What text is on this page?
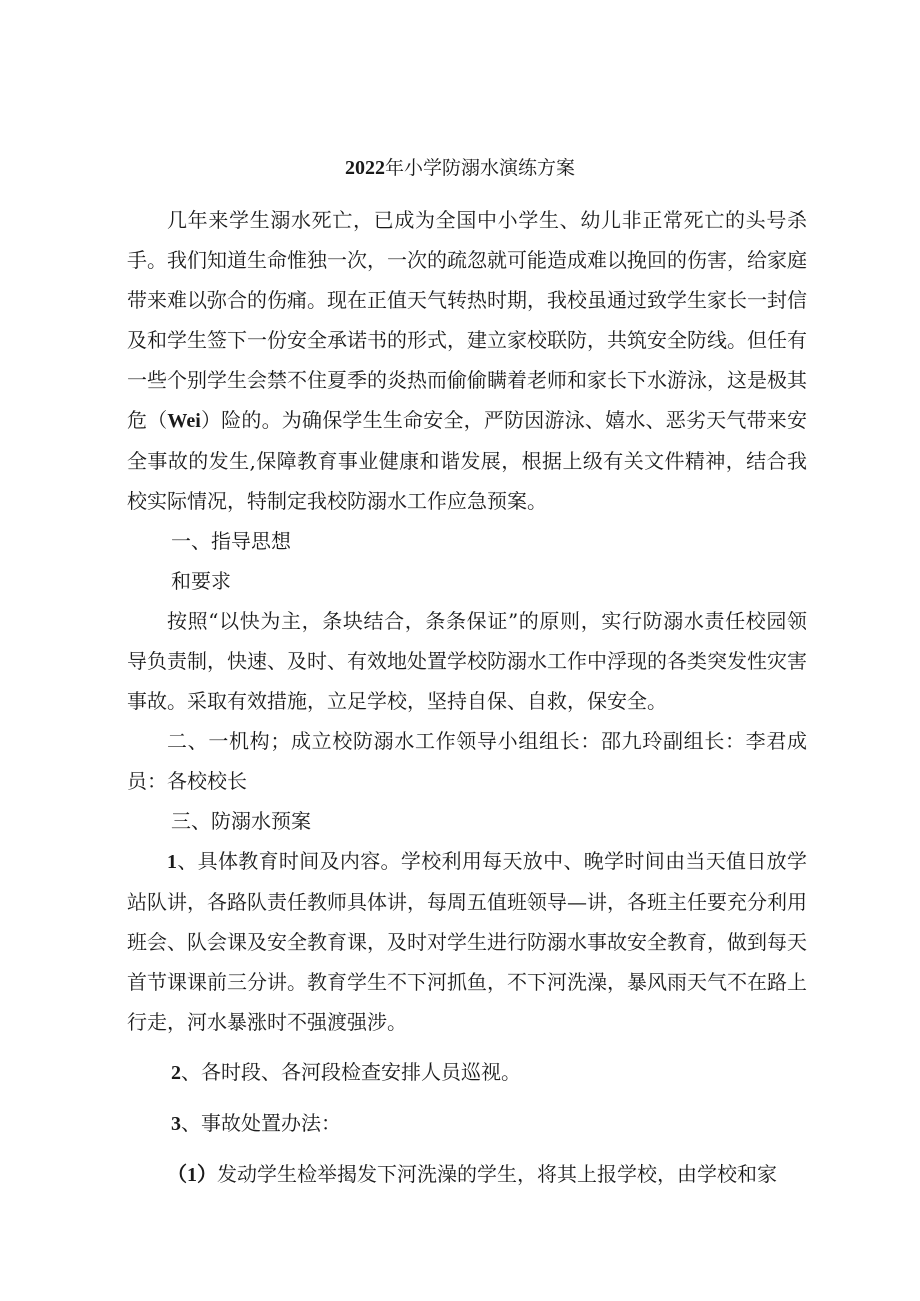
2022年小学防溺水演练方案

几年来学生溺水死亡，已成为全国中小学生、幼儿非正常死亡的头号杀手。我们知道生命惟独一次，一次的疏忽就可能造成难以挽回的伤害，给家庭带来难以弥合的伤痛。现在正值天气转热时期，我校虽通过致学生家长一封信及和学生签下一份安全承诺书的形式，建立家校联防，共筑安全防线。但任有一些个别学生会禁不住夏季的炎热而偷偷瞒着老师和家长下水游泳，这是极其危（Wei）险的。为确保学生生命安全，严防因游泳、嬉水、恶劣天气带来安全事故的发生,保障教育事业健康和谐发展，根据上级有关文件精神，结合我校实际情况，特制定我校防溺水工作应急预案。

一、指导思想

和要求

按照“以快为主，条块结合，条条保证”的原则，实行防溺水责任校园领导负责制，快速、及时、有效地处置学校防溺水工作中浮现的各类突发性灾害事故。采取有效措施，立足学校，坚持自保、自救，保安全。

二、一机构；成立校防溺水工作领导小组组长：邵九玲副组长：李君成员：各校校长

三、防溺水预案

1、具体教育时间及内容。学校利用每天放中、晚学时间由当天值日放学站队讲，各路队责任教师具体讲，每周五值班领导—讲，各班主任要充分利用班会、队会课及安全教育课，及时对学生进行防溺水事故安全教育，做到每天首节课课前三分讲。教育学生不下河抓鱼，不下河洗澡，暴风雨天气不在路上行走，河水暴涨时不强渡强涉。

2、各时段、各河段检查安排人员巡视。

3、事故处置办法：

（1）发动学生检举揭发下河洗澡的学生，将其上报学校，由学校和家
